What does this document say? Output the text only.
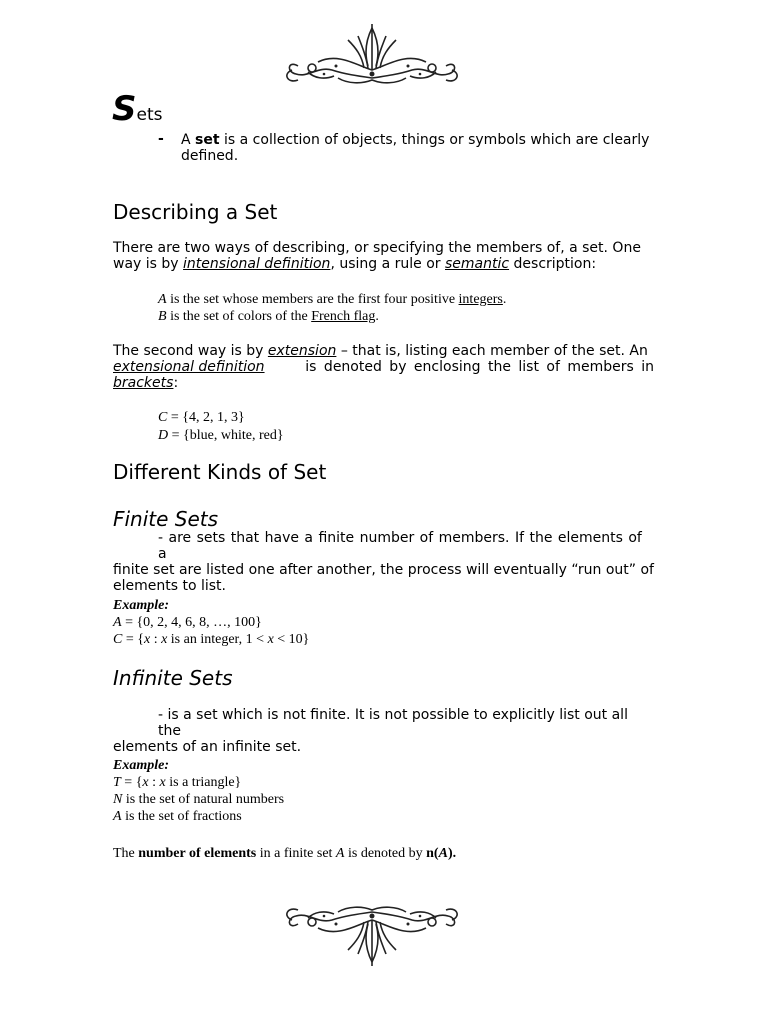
Sets
- A set is a collection of objects, things or symbols which are clearly
defined.
Describing a Set
There are two ways of describing, or specifying the members of, a set. One
way is by intensional definition, using a rule or semantic description:
A is the set whose members are the first four positive integers.
B is the set of colors of the French flag.
The second way is by extension – that is, listing each member of the set. An
extensional definition is denoted by enclosing the list of members in
brackets:
C = {4, 2, 1, 3}
D = {blue, white, red}
Different Kinds of Set
Finite Sets
- are sets that have a finite number of members. If the elements of a
finite set are listed one after another, the process will eventually “run out” of
elements to list.
Example:
A = {0, 2, 4, 6, 8, …, 100}
C = {x : x is an integer, 1 < x < 10}
Infinite Sets
- is a set which is not finite. It is not possible to explicitly list out all the
elements of an infinite set.
Example:
T = {x : x is a triangle}
N is the set of natural numbers
A is the set of fractions
The number of elements in a finite set A is denoted by n(A).
